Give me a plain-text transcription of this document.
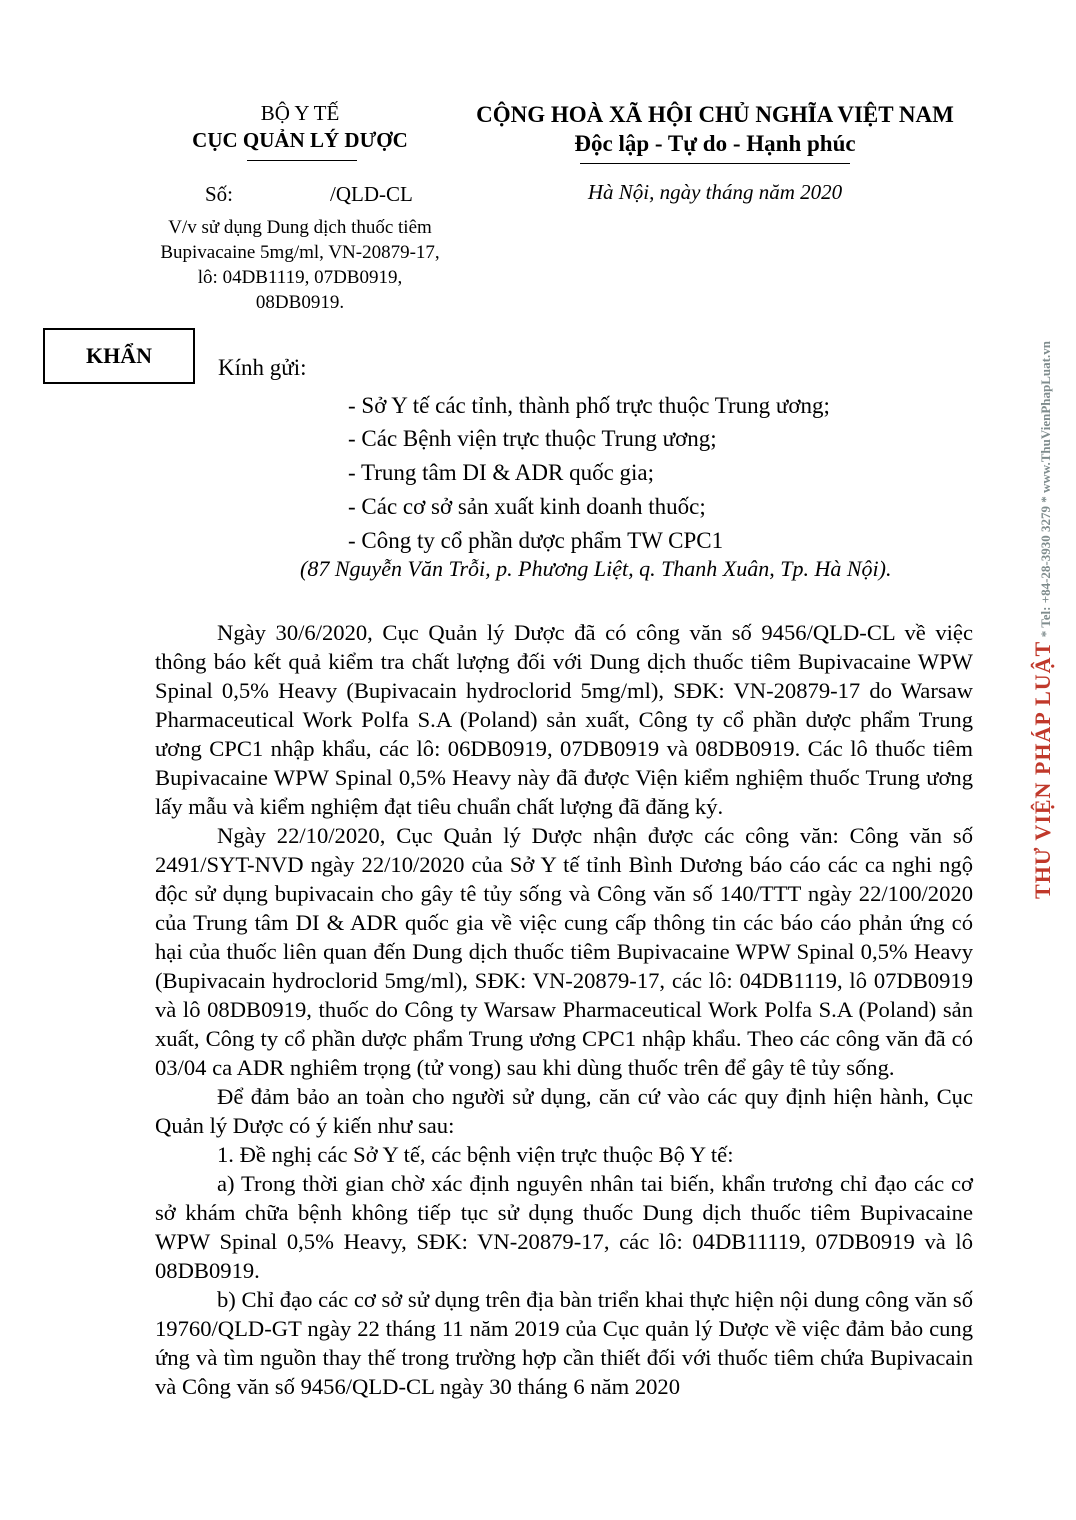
BỘ Y TẾ
CỤC QUẢN LÝ DƯỢC
Số:	/QLD-CL
V/v sử dụng Dung dịch thuốc tiêm Bupivacaine 5mg/ml, VN-20879-17, lô: 04DB1119, 07DB0919, 08DB0919.
CỘNG HOÀ XÃ HỘI CHỦ NGHĨA VIỆT NAM
Độc lập - Tự do - Hạnh phúc
Hà Nội, ngày tháng năm 2020
KHẨN	Kính gửi:
- Sở Y tế các tỉnh, thành phố trực thuộc Trung ương;
- Các Bệnh viện trực thuộc Trung ương;
- Trung tâm DI & ADR quốc gia;
- Các cơ sở sản xuất kinh doanh thuốc;
- Công ty cổ phần dược phẩm TW CPC1
(87 Nguyễn Văn Trỗi, p. Phương Liệt, q. Thanh Xuân, Tp. Hà Nội).

Ngày 30/6/2020, Cục Quản lý Dược đã có công văn số 9456/QLD-CL về việc thông báo kết quả kiểm tra chất lượng đối với Dung dịch thuốc tiêm Bupivacaine WPW Spinal 0,5% Heavy (Bupivacain hydroclorid 5mg/ml), SĐK: VN-20879-17 do Warsaw Pharmaceutical Work Polfa S.A (Poland) sản xuất, Công ty cổ phần dược phẩm Trung ương CPC1 nhập khẩu, các lô: 06DB0919, 07DB0919 và 08DB0919. Các lô thuốc tiêm Bupivacaine WPW Spinal 0,5% Heavy này đã được Viện kiểm nghiệm thuốc Trung ương lấy mẫu và kiểm nghiệm đạt tiêu chuẩn chất lượng đã đăng ký.

Ngày 22/10/2020, Cục Quản lý Dược nhận được các công văn: Công văn số 2491/SYT-NVD ngày 22/10/2020 của Sở Y tế tỉnh Bình Dương báo cáo các ca nghi ngộ độc sử dụng bupivacain cho gây tê tủy sống và Công văn số 140/TTT ngày 22/100/2020 của Trung tâm DI & ADR quốc gia về việc cung cấp thông tin các báo cáo phản ứng có hại của thuốc liên quan đến Dung dịch thuốc tiêm Bupivacaine WPW Spinal 0,5% Heavy (Bupivacain hydroclorid 5mg/ml), SĐK: VN-20879-17, các lô: 04DB1119, lô 07DB0919 và lô 08DB0919, thuốc do Công ty Warsaw Pharmaceutical Work Polfa S.A (Poland) sản xuất, Công ty cổ phần dược phẩm Trung ương CPC1 nhập khẩu. Theo các công văn đã có 03/04 ca ADR nghiêm trọng (tử vong) sau khi dùng thuốc trên để gây tê tủy sống.

Để đảm bảo an toàn cho người sử dụng, căn cứ vào các quy định hiện hành, Cục Quản lý Dược có ý kiến như sau:

1. Đề nghị các Sở Y tế, các bệnh viện trực thuộc Bộ Y tế:

a) Trong thời gian chờ xác định nguyên nhân tai biến, khẩn trương chỉ đạo các cơ sở khám chữa bệnh không tiếp tục sử dụng thuốc Dung dịch thuốc tiêm Bupivacaine WPW Spinal 0,5% Heavy, SĐK: VN-20879-17, các lô: 04DB11119, 07DB0919 và lô 08DB0919.

b) Chỉ đạo các cơ sở sử dụng trên địa bàn triển khai thực hiện nội dung công văn số 19760/QLD-GT ngày 22 tháng 11 năm 2019 của Cục quản lý Dược về việc đảm bảo cung ứng và tìm nguồn thay thế trong trường hợp cần thiết đối với thuốc tiêm chứa Bupivacain và Công văn số 9456/QLD-CL ngày 30 tháng 6 năm 2020

THƯ VIỆN PHÁP LUẬT * Tel: +84-28-3930 3279 * www.ThuVienPhapLuat.vn
